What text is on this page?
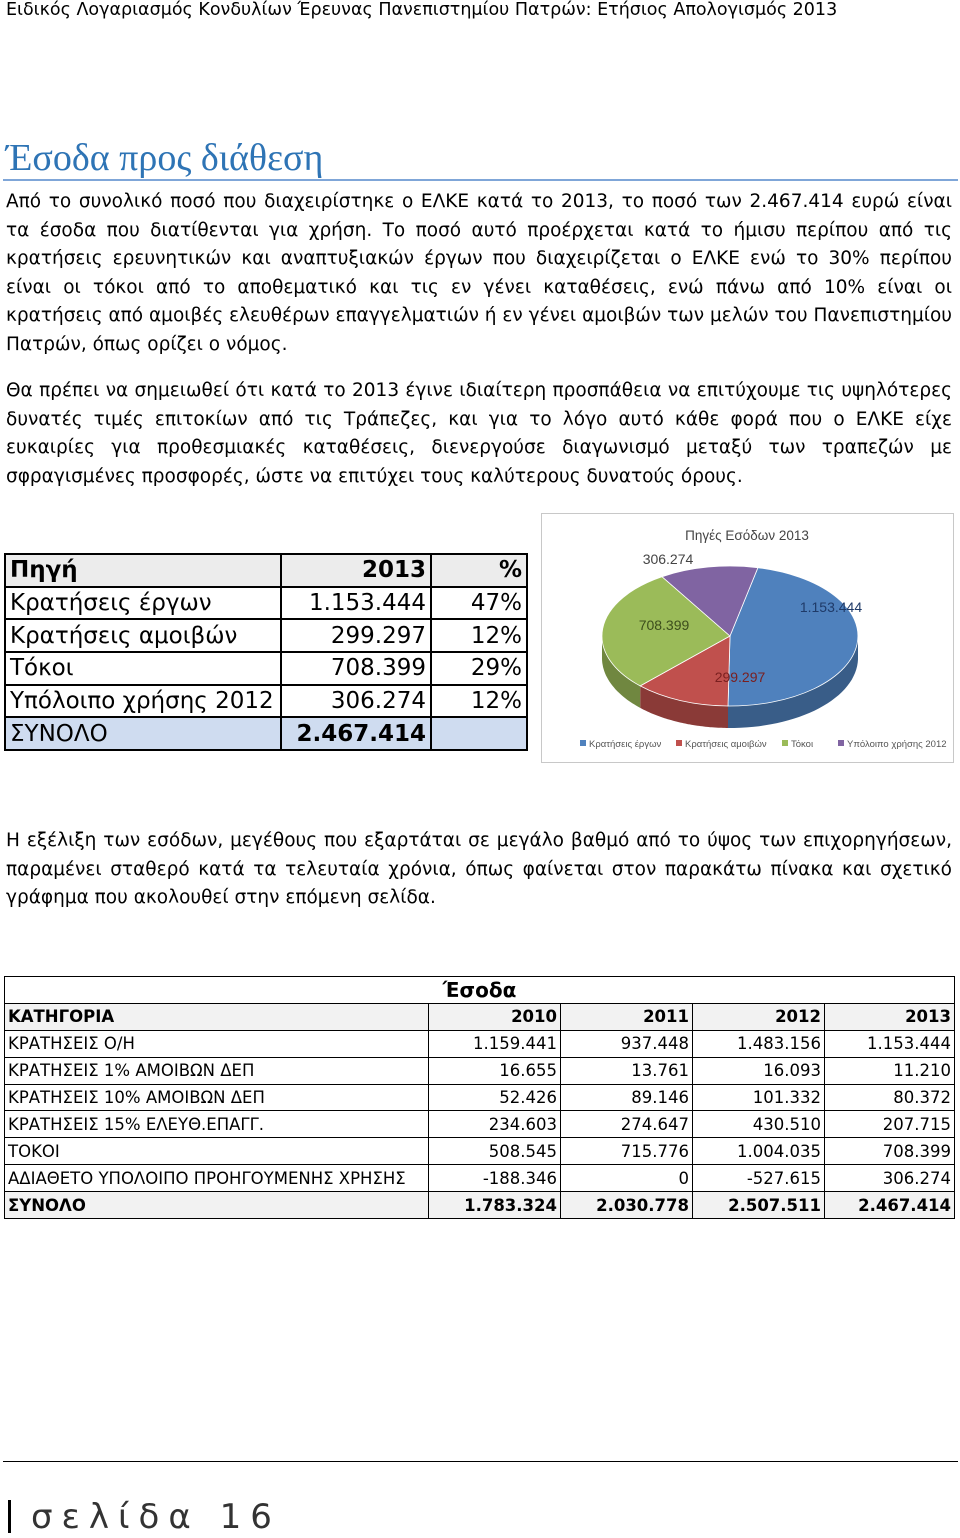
Ειδικός Λογαριασμός Κονδυλίων Έρευνας Πανεπιστημίου Πατρών: Ετήσιος Απολογισμός 2013
Έσοδα προς διάθεση

Από το συνολικό ποσό που διαχειρίστηκε ο ΕΛΚΕ κατά το 2013, το ποσό των 2.467.414 ευρώ είναι τα έσοδα που διατίθενται για χρήση. Το ποσό αυτό προέρχεται κατά το ήμισυ περίπου από τις κρατήσεις ερευνητικών και αναπτυξιακών έργων που διαχειρίζεται ο ΕΛΚΕ ενώ το 30% περίπου είναι οι τόκοι από το αποθεματικό και τις εν γένει καταθέσεις, ενώ πάνω από 10% είναι οι κρατήσεις από αμοιβές ελευθέρων επαγγελματιών ή εν γένει αμοιβών των μελών του Πανεπιστημίου Πατρών, όπως ορίζει ο νόμος.

Θα πρέπει να σημειωθεί ότι κατά το 2013 έγινε ιδιαίτερη προσπάθεια να επιτύχουμε τις υψηλότερες δυνατές τιμές επιτοκίων από τις Τράπεζες, και για το λόγο αυτό κάθε φορά που ο ΕΛΚΕ είχε ευκαιρίες για προθεσμιακές καταθέσεις, διενεργούσε διαγωνισμό μεταξύ των τραπεζών με σφραγισμένες προσφορές, ώστε να επιτύχει τους καλύτερους δυνατούς όρους.

Πηγή	2013	%
Κρατήσεις έργων	1.153.444	47%
Κρατήσεις αμοιβών	299.297	12%
Τόκοι	708.399	29%
Υπόλοιπο χρήσης 2012	306.274	12%
ΣΥΝΟΛΟ	2.467.414	
Πηγές Εσόδων 2013
1.153.444
299.297
708.399
306.274
Κρατήσεις έργων Κρατήσεις αμοιβών	Τόκοι	Υπόλοιπο χρήσης 2012

Η εξέλιξη των εσόδων, μεγέθους που εξαρτάται σε μεγάλο βαθμό από το ύψος των επιχορηγήσεων, παραμένει σταθερό κατά τα τελευταία χρόνια, όπως φαίνεται στον παρακάτω πίνακα και σχετικό γράφημα που ακολουθεί στην επόμενη σελίδα.

Έσοδα				
ΚΑΤΗΓΟΡΙΑ	2010	2011	2012	2013
ΚΡΑΤΗΣΕΙΣ Ο/Η	1.159.441	937.448	1.483.156	1.153.444
ΚΡΑΤΗΣΕΙΣ 1% ΑΜΟΙΒΩΝ ΔΕΠ	16.655	13.761	16.093	11.210
ΚΡΑΤΗΣΕΙΣ 10% ΑΜΟΙΒΩΝ ΔΕΠ	52.426	89.146	101.332	80.372
ΚΡΑΤΗΣΕΙΣ 15% ΕΛΕΥΘ.ΕΠΑΓΓ.	234.603	274.647	430.510	207.715
ΤΟΚΟΙ	508.545	715.776	1.004.035	708.399
ΑΔΙΑΘΕΤΟ ΥΠΟΛΟΙΠΟ ΠΡΟΗΓΟΥΜΕΝΗΣ ΧΡΗΣΗΣ	-188.346	0	-527.615	306.274
ΣΥΝΟΛΟ	1.783.324	2.030.778	2.507.511	2.467.414
σελίδα 16
